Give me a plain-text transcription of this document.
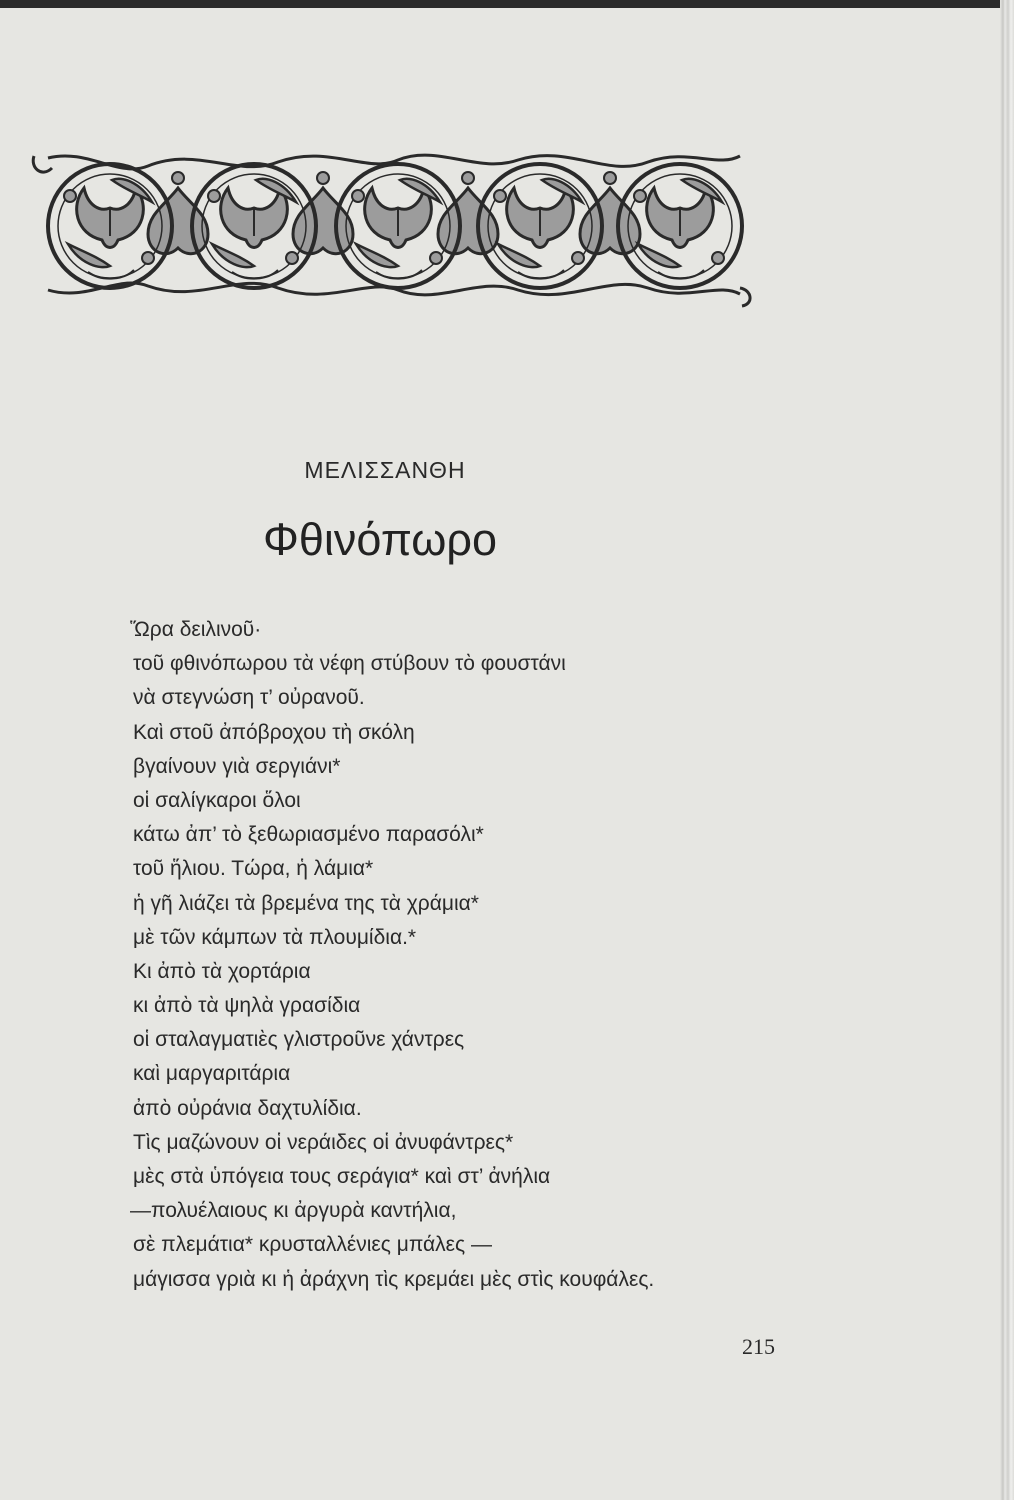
ΜΕΛΙΣΣΑΝΘΗ
Φθινόπωρο
Ὥρα δειλινοῦ·
τοῦ φθινόπωρου τὰ νέφη στύβουν τὸ φουστάνι
νὰ στεγνώση τ’ οὐρανοῦ.
Καὶ στοῦ ἀπόβροχου τὴ σκόλη
βγαίνουν γιὰ σεργιάνι*
οἱ σαλίγκαροι ὅλοι
κάτω ἀπ’ τὸ ξεθωριασμένο παρασόλι*
τοῦ ἥλιου. Τώρα, ἡ λάμια*
ἡ γῆ λιάζει τὰ βρεμένα της τὰ χράμια*
μὲ τῶν κάμπων τὰ πλουμίδια.*
Κι ἀπὸ τὰ χορτάρια
κι ἀπὸ τὰ ψηλὰ γρασίδια
οἱ σταλαγματιὲς γλιστροῦνε χάντρες
καὶ μαργαριτάρια
ἀπὸ οὐράνια δαχτυλίδια.
Τὶς μαζώνουν οἱ νεράιδες οἱ ἀνυφάντρες*
μὲς στὰ ὑπόγεια τους σεράγια* καὶ στ’ ἀνήλια
—πολυέλαιους κι ἀργυρὰ καντήλια,
σὲ πλεμάτια* κρυσταλλένιες μπάλες —
μάγισσα γριὰ κι ἡ ἀράχνη τὶς κρεμάει μὲς στὶς κουφάλες.
215
